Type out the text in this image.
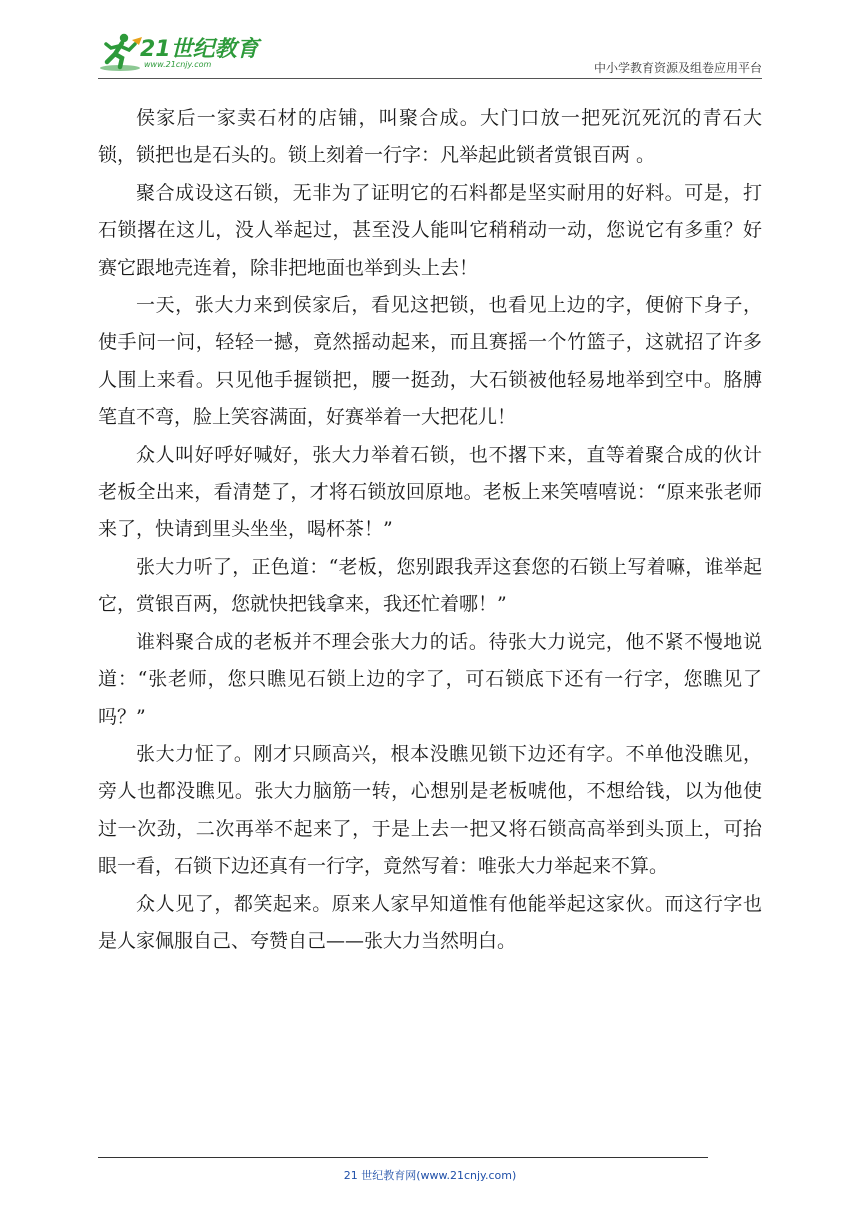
21世纪教育
www.21cnjy.com	中小学教育资源及组卷应用平台

侯家后一家卖石材的店铺，叫聚合成。大门口放一把死沉死沉的青石大锁，锁把也是石头的。锁上刻着一行字：凡举起此锁者赏银百两 。

聚合成设这石锁，无非为了证明它的石料都是坚实耐用的好料。可是，打石锁撂在这儿，没人举起过，甚至没人能叫它稍稍动一动，您说它有多重？好赛它跟地壳连着，除非把地面也举到头上去！

一天，张大力来到侯家后，看见这把锁，也看见上边的字，便俯下身子，使手问一问，轻轻一撼，竟然摇动起来，而且赛摇一个竹篮子，这就招了许多人围上来看。只见他手握锁把，腰一挺劲，大石锁被他轻易地举到空中。胳膊笔直不弯，脸上笑容满面，好赛举着一大把花儿！

众人叫好呼好喊好，张大力举着石锁，也不撂下来，直等着聚合成的伙计老板全出来，看清楚了，才将石锁放回原地。老板上来笑嘻嘻说：“原来张老师来了，快请到里头坐坐，喝杯茶！”

张大力听了，正色道：“老板，您别跟我弄这套您的石锁上写着嘛，谁举起它，赏银百两，您就快把钱拿来，我还忙着哪！”

谁料聚合成的老板并不理会张大力的话。待张大力说完，他不紧不慢地说道：“张老师，您只瞧见石锁上边的字了，可石锁底下还有一行字，您瞧见了吗？”

张大力怔了。刚才只顾高兴，根本没瞧见锁下边还有字。不单他没瞧见，旁人也都没瞧见。张大力脑筋一转，心想别是老板唬他，不想给钱，以为他使过一次劲，二次再举不起来了，于是上去一把又将石锁高高举到头顶上，可抬眼一看，石锁下边还真有一行字，竟然写着：唯张大力举起来不算。

众人见了，都笑起来。原来人家早知道惟有他能举起这家伙。而这行字也是人家佩服自己、夸赞自己——张大力当然明白。

21 世纪教育网(www.21cnjy.com)
